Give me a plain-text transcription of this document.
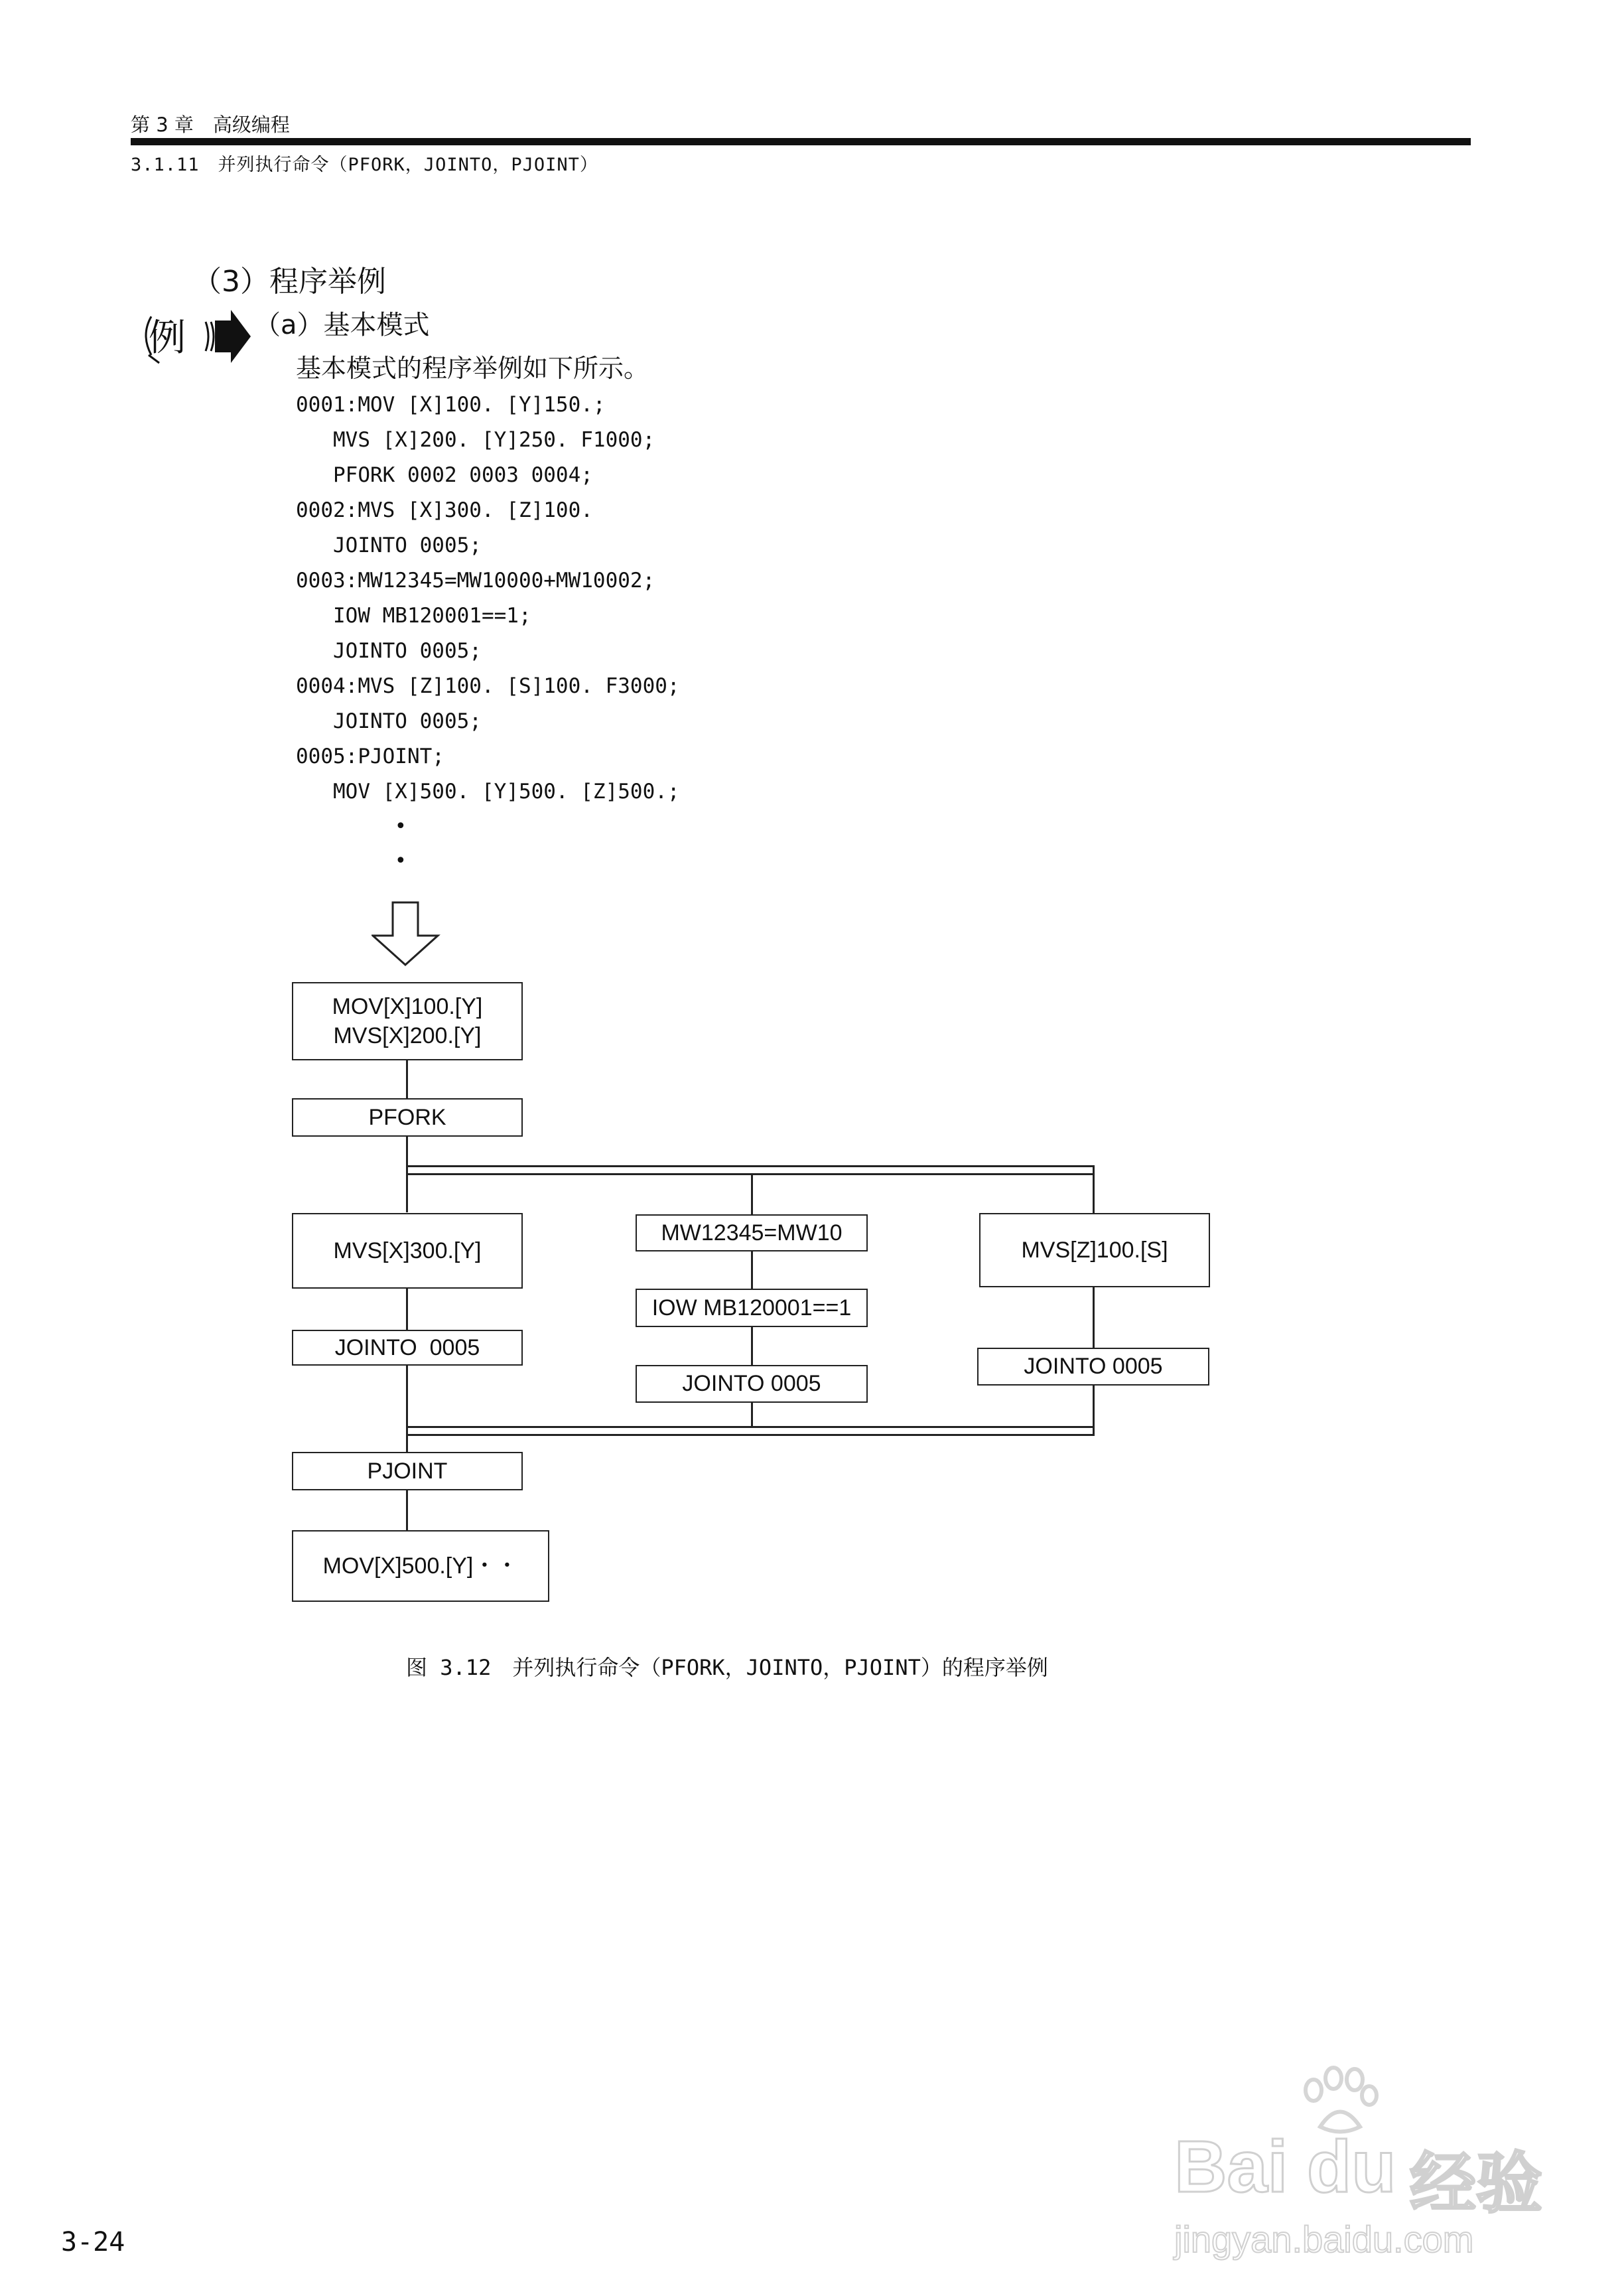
第 3 章　高级编程
3.1.11　并列执行命令（PFORK，JOINTO，PJOINT）
（3）程序举例
例	（a）基本模式
基本模式的程序举例如下所示。
0001:MOV [X]100. [Y]150.;
MVS [X]200. [Y]250. F1000;
PFORK 0002 0003 0004;
0002:MVS [X]300. [Z]100.
JOINTO 0005;
0003:MW12345=MW10000+MW10002;
IOW MB120001==1;
JOINTO 0005;
0004:MVS [Z]100. [S]100. F3000;
JOINTO 0005;
0005:PJOINT;
MOV [X]500. [Y]500. [Z]500.;
•
•
MOV[X]100.[Y]
MVS[X]200.[Y]
PFORK
MVS[X]300.[Y]
JOINTO  0005
MW12345=MW10
IOW MB120001==1
JOINTO 0005
MVS[Z]100.[S]
JOINTO 0005
PJOINT
MOV[X]500.[Y]・・
图 3.12　并列执行命令（PFORK，JOINTO，PJOINT）的程序举例
3-24
Bai du 经验
jingyan.baidu.com
